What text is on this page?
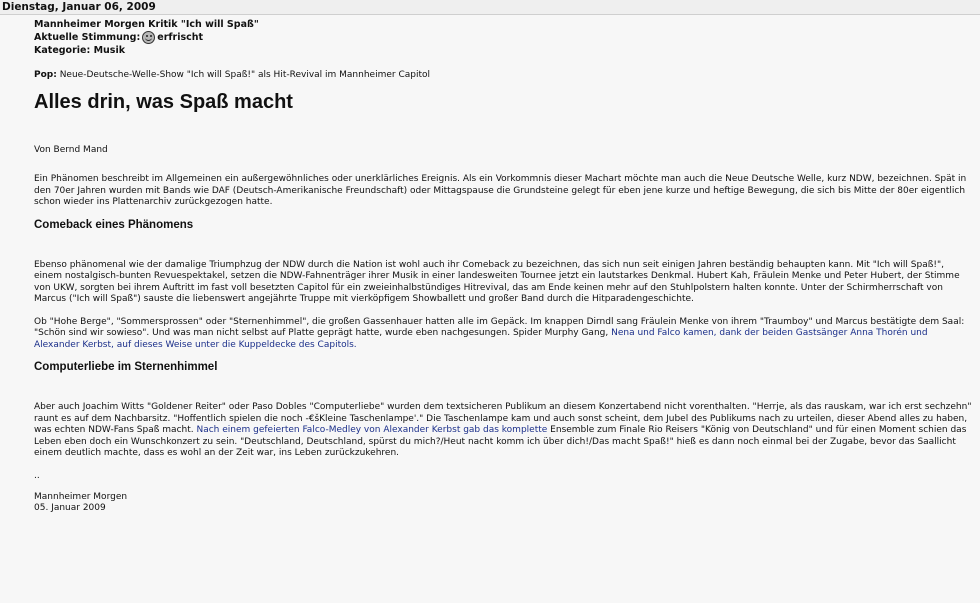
Dienstag, Januar 06, 2009
Mannheimer Morgen Kritik "Ich will Spaß"
Aktuelle Stimmung: erfrischt
Kategorie: Musik
Pop: Neue-Deutsche-Welle-Show "Ich will Spaß!" als Hit-Revival im Mannheimer Capitol
Alles drin, was Spaß macht
Von Bernd Mand

Ein Phänomen beschreibt im Allgemeinen ein außergewöhnliches oder unerklärliches Ereignis. Als ein Vorkommnis dieser Machart möchte man auch die Neue Deutsche Welle, kurz NDW, bezeichnen. Spät in den 70er Jahren wurden mit Bands wie DAF (Deutsch-Amerikanische Freundschaft) oder Mittagspause die Grundsteine gelegt für eben jene kurze und heftige Bewegung, die sich bis Mitte der 80er eigentlich schon wieder ins Plattenarchiv zurückgezogen hatte.

Comeback eines Phänomens

Ebenso phänomenal wie der damalige Triumphzug der NDW durch die Nation ist wohl auch ihr Comeback zu bezeichnen, das sich nun seit einigen Jahren beständig behaupten kann. Mit "Ich will Spaß!", einem nostalgisch-bunten Revuespektakel, setzen die NDW-Fahnenträger ihrer Musik in einer landesweiten Tournee jetzt ein lautstarkes Denkmal. Hubert Kah, Fräulein Menke und Peter Hubert, der Stimme von UKW, sorgten bei ihrem Auftritt im fast voll besetzten Capitol für ein zweieinhalbstündiges Hitrevival, das am Ende keinen mehr auf den Stuhlpolstern halten konnte. Unter der Schirmherrschaft von Marcus ("Ich will Spaß") sauste die liebenswert angejährte Truppe mit vierköpfigem Showballett und großer Band durch die Hitparadengeschichte.

Ob "Hohe Berge", "Sommersprossen" oder "Sternenhimmel", die großen Gassenhauer hatten alle im Gepäck. Im knappen Dirndl sang Fräulein Menke von ihrem "Traumboy" und Marcus bestätigte dem Saal: "Schön sind wir sowieso". Und was man nicht selbst auf Platte geprägt hatte, wurde eben nachgesungen. Spider Murphy Gang, Nena und Falco kamen, dank der beiden Gastsänger Anna Thorén und Alexander Kerbst, auf dieses Weise unter die Kuppeldecke des Capitols.

Computerliebe im Sternenhimmel

Aber auch Joachim Witts "Goldener Reiter" oder Paso Dobles "Computerliebe" wurden dem textsicheren Publikum an diesem Konzertabend nicht vorenthalten. "Herrje, als das rauskam, war ich erst sechzehn" raunt es auf dem Nachbarsitz. "Hoffentlich spielen die noch -€šKleine Taschenlampe'." Die Taschenlampe kam und auch sonst scheint, dem Jubel des Publikums nach zu urteilen, dieser Abend alles zu haben, was echten NDW-Fans Spaß macht. Nach einem gefeierten Falco-Medley von Alexander Kerbst gab das komplette Ensemble zum Finale Rio Reisers "König von Deutschland" und für einen Moment schien das Leben eben doch ein Wunschkonzert zu sein. "Deutschland, Deutschland, spürst du mich?/Heut nacht komm ich über dich!/Das macht Spaß!" hieß es dann noch einmal bei der Zugabe, bevor das Saallicht einem deutlich machte, dass es wohl an der Zeit war, ins Leben zurückzukehren.

..
Mannheimer Morgen
05. Januar 2009
